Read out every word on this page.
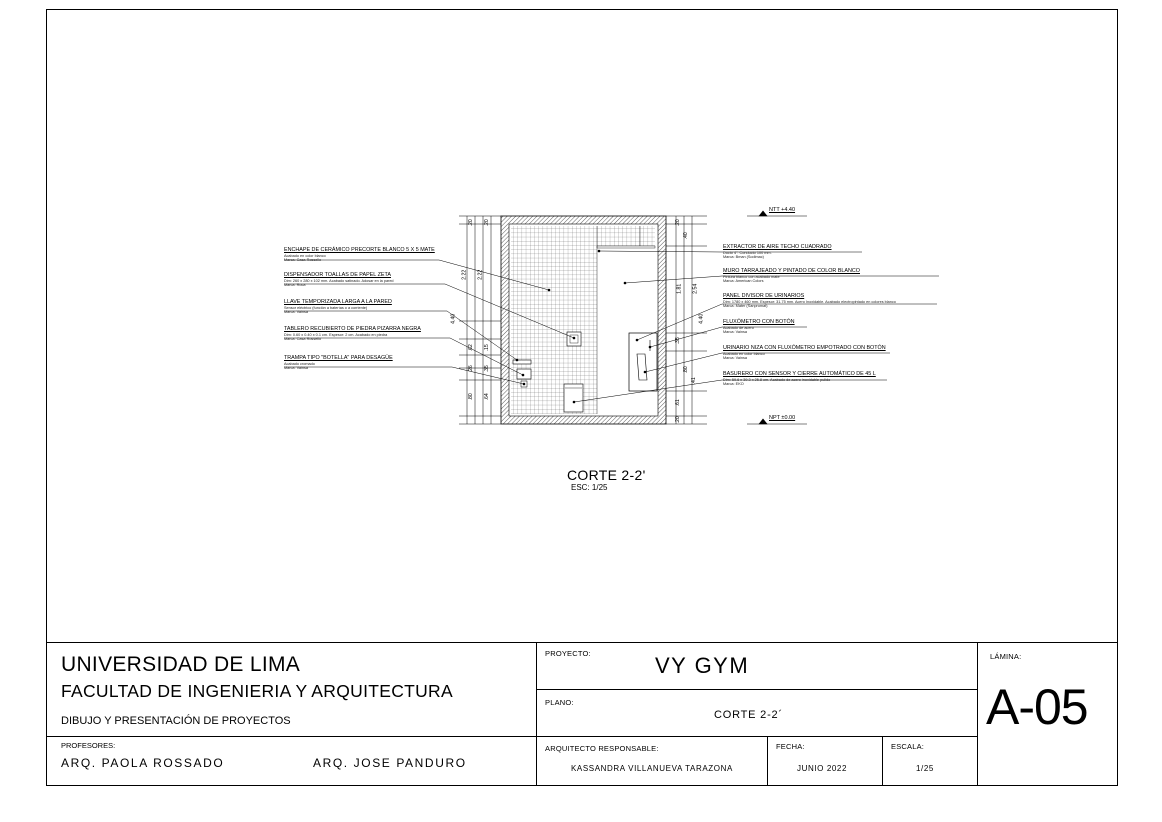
2.22 2.22
4.40
.80 .64
.20 .20
.62 .15
.26 .35
.20
.40
1.81 2.54
4.40
.35
.80
.61
.41
.20
NTT +4.40
NPT ±0.00
ENCHAPE DE CERÁMICO PRECORTE BLANCO 5 X 5 MATE
Acabado en color blanco
Marca: Casa Rossello
DISPENSADOR TOALLAS DE PAPEL ZETA
Dim: 260 x 280 x 102 mm. Acabado satinado. Adosar en la pared
Marca: Roca
LLAVE TEMPORIZADA LARGA A LA PARED
Sensor eléctrico (función a baterías o a corriente)
Marca: Vainsa
TABLERO RECUBIERTO DE PIEDRA PIZARRA NEGRA
Dim: 0.60 x 0.40 x 0.1 cm. Espesor: 2 cm. Acabado en piedra
Marca: Casa Rossello
TRAMPA TIPO "BOTELLA" PARA DESAGÜE
Acabado cromado
Marca: Vainsa
EXTRACTOR DE AIRE TECHO CUADRADO
Ducto 4". Conducto 100 mm.
Marca: Bman (Sodimac)
MURO TARRAJEADO Y PINTADO DE COLOR BLANCO
Pintura blanco con acabado mate
Marca: American Colors
PANEL DIVISOR DE URINARIOS
Dim: 1780 x 460 mm. Espesor: 31.75 mm. Acero Inoxidable. Acabado electropintado en colores blanco
Marca: Mater (Sanpromat)
FLUXÓMETRO CON BOTÓN
Acabado de acero
Marca: Vainsa
URINARIO NIZA CON FLUXÓMETRO EMPOTRADO CON BOTÓN
Acabado en color blanco
Marca: Vainsa
BASURERO CON SENSOR Y CIERRE AUTOMÁTICO DE 45 L
Dim: 59.6 x 39.3 x 25.8 cm. Acabado de acero inoxidable pulido
Marca: EKO
CORTE 2-2'
ESC: 1/25
UNIVERSIDAD DE LIMA
FACULTAD DE INGENIERIA Y ARQUITECTURA
DIBUJO Y PRESENTACIÓN DE PROYECTOS
PROFESORES:
ARQ. PAOLA ROSSADO	ARQ. JOSE PANDURO
PROYECTO:	VY GYM
PLANO:
CORTE 2-2´
ARQUITECTO RESPONSABLE:
KASSANDRA VILLANUEVA TARAZONA
FECHA:
JUNIO 2022
ESCALA:
1/25
LÁMINA:
A-05
